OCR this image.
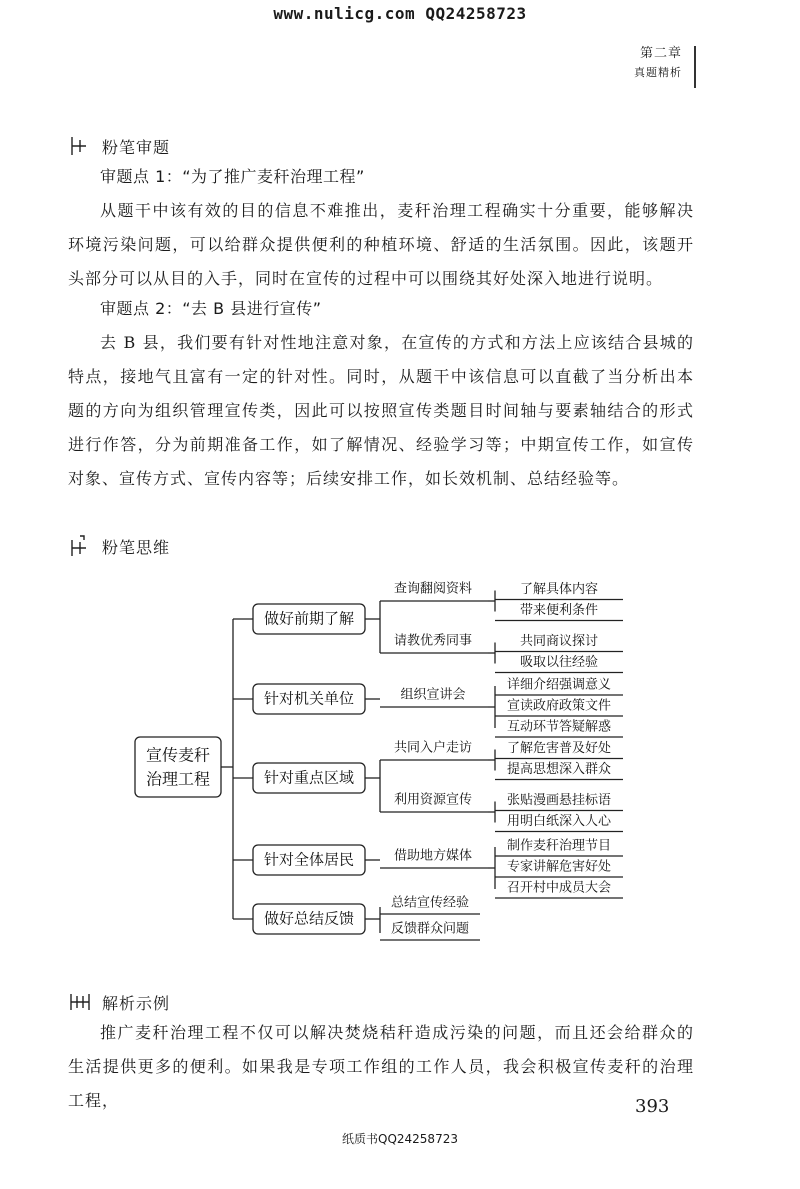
www.nulicg.com QQ24258723
第二章
真题精析
粉笔审题
审题点 1：“为了推广麦秆治理工程”

从题干中该有效的目的信息不难推出，麦秆治理工程确实十分重要，能够解决环境污染问题，可以给群众提供便利的种植环境、舒适的生活氛围。因此，该题开头部分可以从目的入手，同时在宣传的过程中可以围绕其好处深入地进行说明。

审题点 2：“去 B 县进行宣传”

去 B 县，我们要有针对性地注意对象，在宣传的方式和方法上应该结合县城的特点，接地气且富有一定的针对性。同时，从题干中该信息可以直截了当分析出本题的方向为组织管理宣传类，因此可以按照宣传类题目时间轴与要素轴结合的形式进行作答，分为前期准备工作，如了解情况、经验学习等；中期宣传工作，如宣传对象、宣传方式、宣传内容等；后续安排工作，如长效机制、总结经验等。

粉笔思维
宣传麦秆
治理工程
做好前期了解
查询翻阅资料	了解具体内容
带来便利条件
请教优秀同事	共同商议探讨
吸取以往经验
针对机关单位	组织宣讲会
详细介绍强调意义
宣读政府政策文件
互动环节答疑解惑
针对重点区域
共同入户走访	了解危害普及好处
提高思想深入群众
利用资源宣传	张贴漫画悬挂标语
用明白纸深入人心
针对全体居民	借助地方媒体
制作麦秆治理节目
专家讲解危害好处
召开村中成员大会
做好总结反馈
总结宣传经验
反馈群众问题
解析示例

推广麦秆治理工程不仅可以解决焚烧秸秆造成污染的问题，而且还会给群众的生活提供更多的便利。如果我是专项工作组的工作人员，我会积极宣传麦秆的治理工程，	393
纸质书QQ24258723
